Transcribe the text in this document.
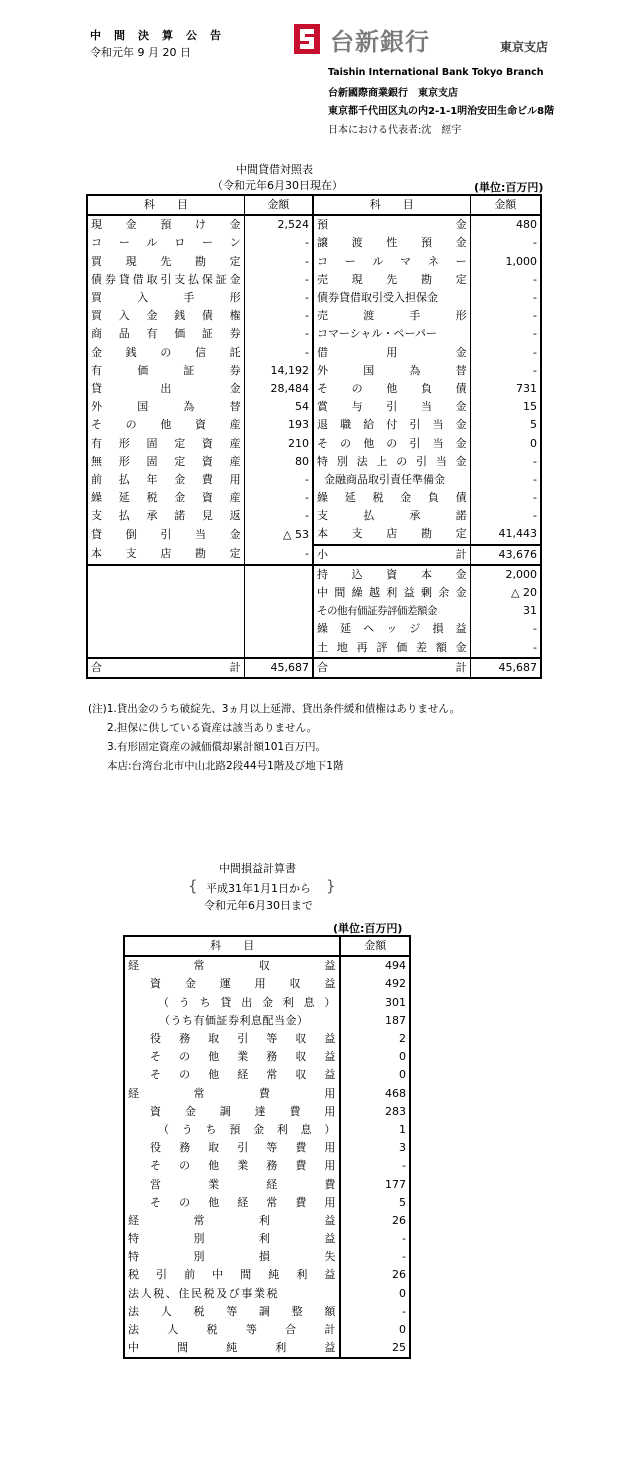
中　間　決　算　公　告
令和元年 9 月 20 日	台新銀行	東京支店
Taishin International Bank Tokyo Branch
台新國際商業銀行　東京支店
東京都千代田区丸の内2-1-1明治安田生命ビル8階
日本における代表者:沈　經宇
中間貸借対照表
（令和元年6月30日現在）	(単位:百万円)
科　　目	金額	科　　目	金額
現金預け金	2,524	預金	480
コールローン	-	譲渡性預金	-
買現先勘定	-	コールマネー	1,000
債券貸借取引支払保証金	-	売現先勘定	-
買入手形	-	債券貸借取引受入担保金	-
買入金銭債権	-	売渡手形	-
商品有価証券	-	コマーシャル・ペーパー	-
金銭の信託	-	借用金	-
有価証券	14,192	外国為替	-
貸出金	28,484	その他負債	731
外国為替	54	賞与引当金	15
その他資産	193	退職給付引当金	5
有形固定資産	210	その他の引当金	0
無形固定資産	80	特別法上の引当金	-
前払年金費用	-	金融商品取引責任準備金	-
繰延税金資産	-	繰延税金負債	-
支払承諾見返	-	支払承諾	-
貸倒引当金	△ 53	本支店勘定	41,443
本支店勘定	-	小計	43,676
		持込資本金	2,000
		中間繰越利益剰余金	△ 20
		その他有価証券評価差額金	31
		繰延ヘッジ損益	-
		土地再評価差額金	-
合計	45,687	合計	45,687
(注)1.貸出金のうち破綻先、3ヵ月以上延滞、貸出条件緩和債権はありません。
2.担保に供している資産は該当ありません。
3.有形固定資産の減価償却累計額101百万円。
本店:台湾台北市中山北路2段44号1階及び地下1階
中間損益計算書
{	}
平成31年1月1日から
令和元年6月30日まで
(単位:百万円)
科　　目	金額
経常収益	494
資金運用収益	492
（うち貸出金利息）	301
（うち有価証券利息配当金）	187
役務取引等収益	2
その他業務収益	0
その他経常収益	0
経常費用	468
資金調達費用	283
（うち預金利息）	1
役務取引等費用	3
その他業務費用	-
営業経費	177
その他経常費用	5
経常利益	26
特別利益	-
特別損失	-
税引前中間純利益	26
法人税、住民税及び事業税	0
法人税等調整額	-
法人税等合計	0
中間純利益	25
